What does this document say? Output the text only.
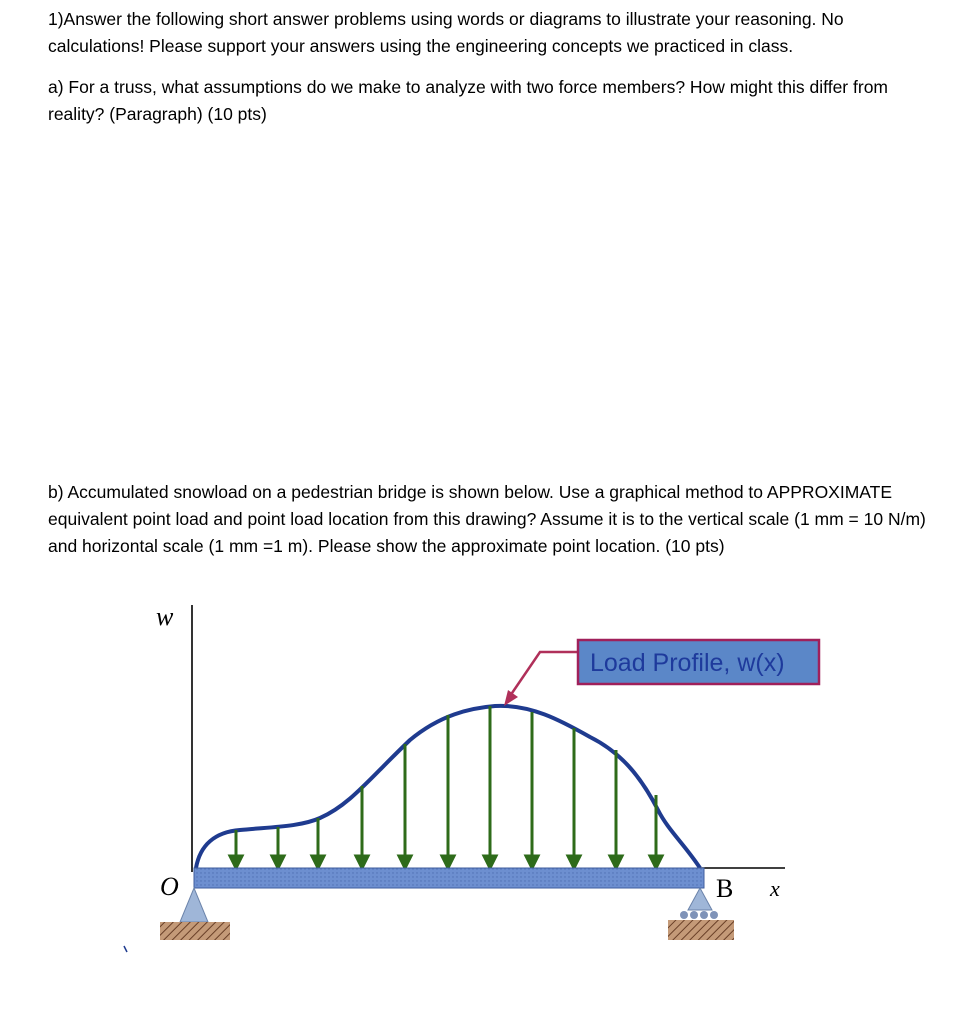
1)Answer the following short answer problems using words or diagrams to illustrate your reasoning. No calculations! Please support your answers using the engineering concepts we practiced in class.

a) For a truss, what assumptions do we make to analyze with two force members? How might this differ from reality? (Paragraph) (10 pts)

b) Accumulated snowload on a pedestrian bridge is shown below. Use a graphical method to APPROXIMATE equivalent point load and point load location from this drawing? Assume it is to the vertical scale (1 mm = 10 N/m) and horizontal scale (1 mm =1 m). Please show the approximate point location. (10 pts)

w
x
O	B
Load Profile, w(x)
